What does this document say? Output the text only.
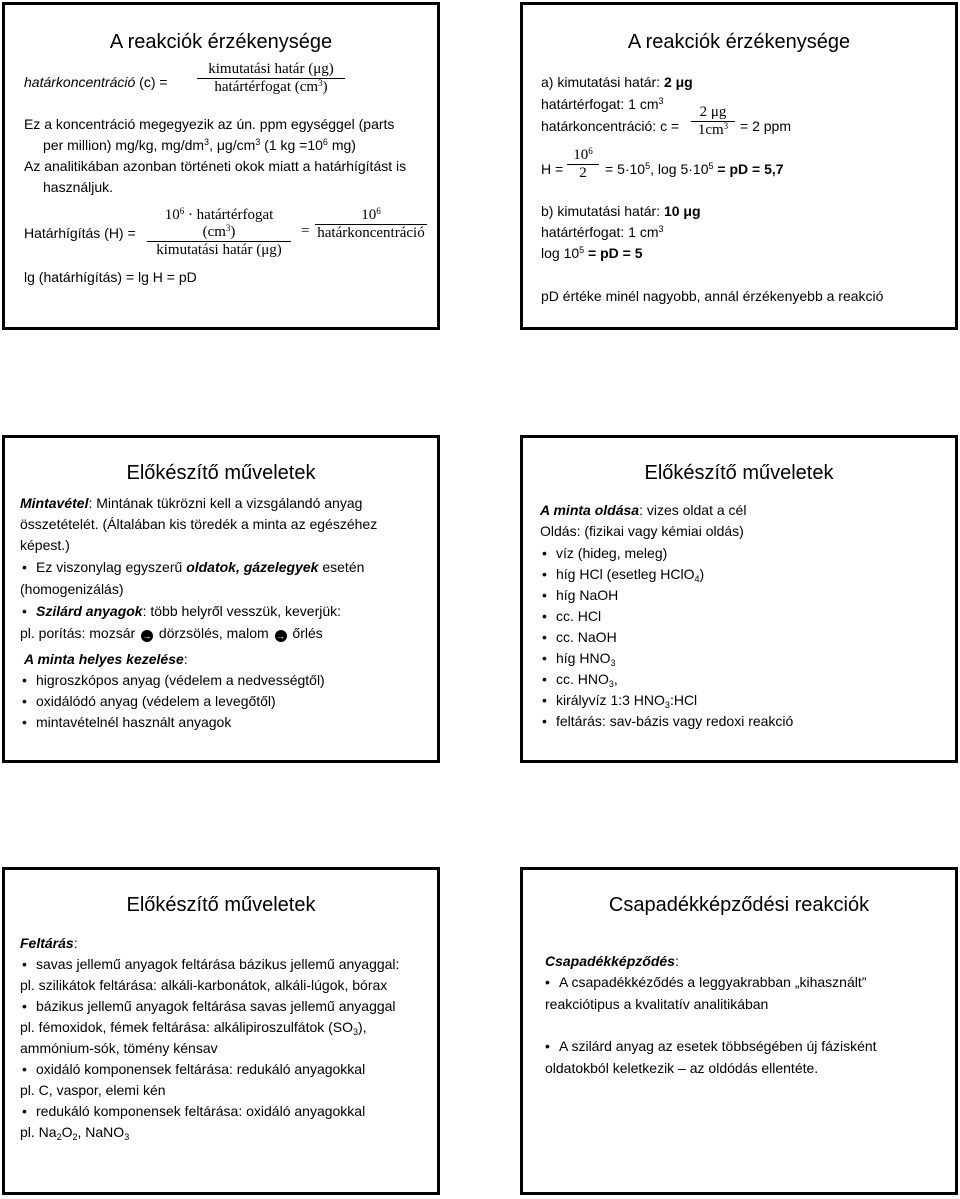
A reakciók érzékenysége
határkoncentráció (c) =
kimutatási határ (μg)
határtérfogat $(cm^3)$
Ez a koncentráció megegyezik az ún. ppm egységgel (parts
per million) mg/kg, $mg/dm^3$, $\mu g/cm^3$ (1 kg $=10^6$ mg)
Az analitikában azonban történeti okok miatt a határhígítást is
használjuk.
Határhígítás (H) =
$10^6$ · határtérfogat $(cm^3)$
kimutatási határ (μg)
=
$10^6$
határkoncentráció
lg (határhígítás) = lg H = pD
A reakciók érzékenysége
a) kimutatási határ: 2 μg
határtérfogat: 1 $cm^3$
határkoncentráció: $c = \frac{2 \mu g}{1cm^3} = 2$ ppm
$H = \frac{10^6}{2} = 5\cdot 10^5$, $\log 5\cdot 10^5$ = pD = 5,7
b) kimutatási határ: 10 μg
határtérfogat: 1 $cm^3$
$\log 10^5$ = pD = 5
pD értéke minél nagyobb, annál érzékenyebb a reakció
Előkészítő műveletek
Mintavétel: Mintának tükrözni kell a vizsgálandó anyag
összetételét. (Általában kis töredék a minta az egészéhez
képest.)
• Ez viszonylag egyszerű oldatok, gázelegyek esetén
(homogenizálás)
• Szilárd anyagok: több helyről vesszük, keverjük:
pl. porítás: mozsár → dörzsölés, malom → őrlés
A minta helyes kezelése:
• higroszkópos anyag (védelem a nedvességtől)
• oxidálódó anyag (védelem a levegőtől)
• mintavételnél használt anyagok
Előkészítő műveletek
A minta oldása: vizes oldat a cél
Oldás: (fizikai vagy kémiai oldás)
• víz (hideg, meleg)
• híg HCl (esetleg HClO$_4$)
• híg NaOH
• cc. HCl
• cc. NaOH
• híg $HNO_3$
• cc. $HNO_3$,
• királyvíz 1:3 $HNO_3:HCl$
• feltárás: sav-bázis vagy redoxi reakció
Előkészítő műveletek
Feltárás:
• savas jellemű anyagok feltárása bázikus jellemű anyaggal:
pl. szilikátok feltárása: alkáli-karbonátok, alkáli-lúgok, bórax
• bázikus jellemű anyagok feltárása savas jellemű anyaggal
pl. fémoxidok, fémek feltárása: alkálipiroszulfátok $(SO_3)$,
ammónium-sók, tömény kénsav
• oxidáló komponensek feltárása: redukáló anyagokkal
pl. C, vaspor, elemi kén
• redukáló komponensek feltárása: oxidáló anyagokkal
pl. $Na_2O_2$, NaNO$_3$
Csapadékképződési reakciók
Csapadékképződés:
• A csapadékkéződés a leggyakrabban „kihasznált”
reakciótipus a kvalitatív analitikában
• A szilárd anyag az esetek többségében új fázisként
oldatokból keletkezik – az oldódás ellentéte.
